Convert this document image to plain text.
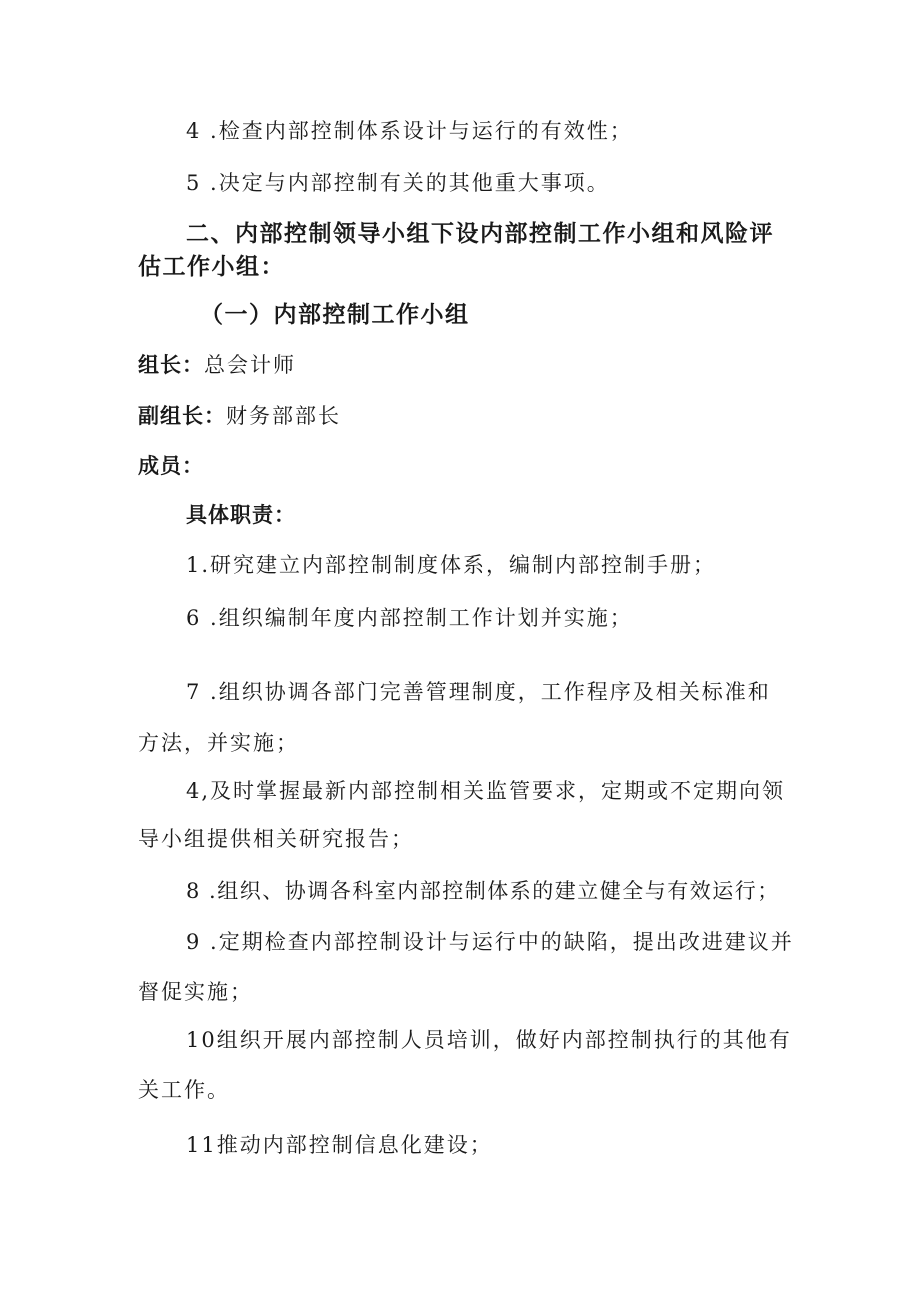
4 .检查内部控制体系设计与运行的有效性；
5 .决定与内部控制有关的其他重大事项。
二、内部控制领导小组下设内部控制工作小组和风险评
估工作小组：
（一）内部控制工作小组
组长：总会计师
副组长：财务部部长
成员：
具体职责：
1.研究建立内部控制制度体系，编制内部控制手册；
6 .组织编制年度内部控制工作计划并实施；
7 .组织协调各部门完善管理制度，工作程序及相关标准和
方法，并实施；
4,及时掌握最新内部控制相关监管要求，定期或不定期向领
导小组提供相关研究报告；
8 .组织、协调各科室内部控制体系的建立健全与有效运行；
9 .定期检查内部控制设计与运行中的缺陷，提出改进建议并
督促实施；
10组织开展内部控制人员培训，做好内部控制执行的其他有
关工作。
11推动内部控制信息化建设；
